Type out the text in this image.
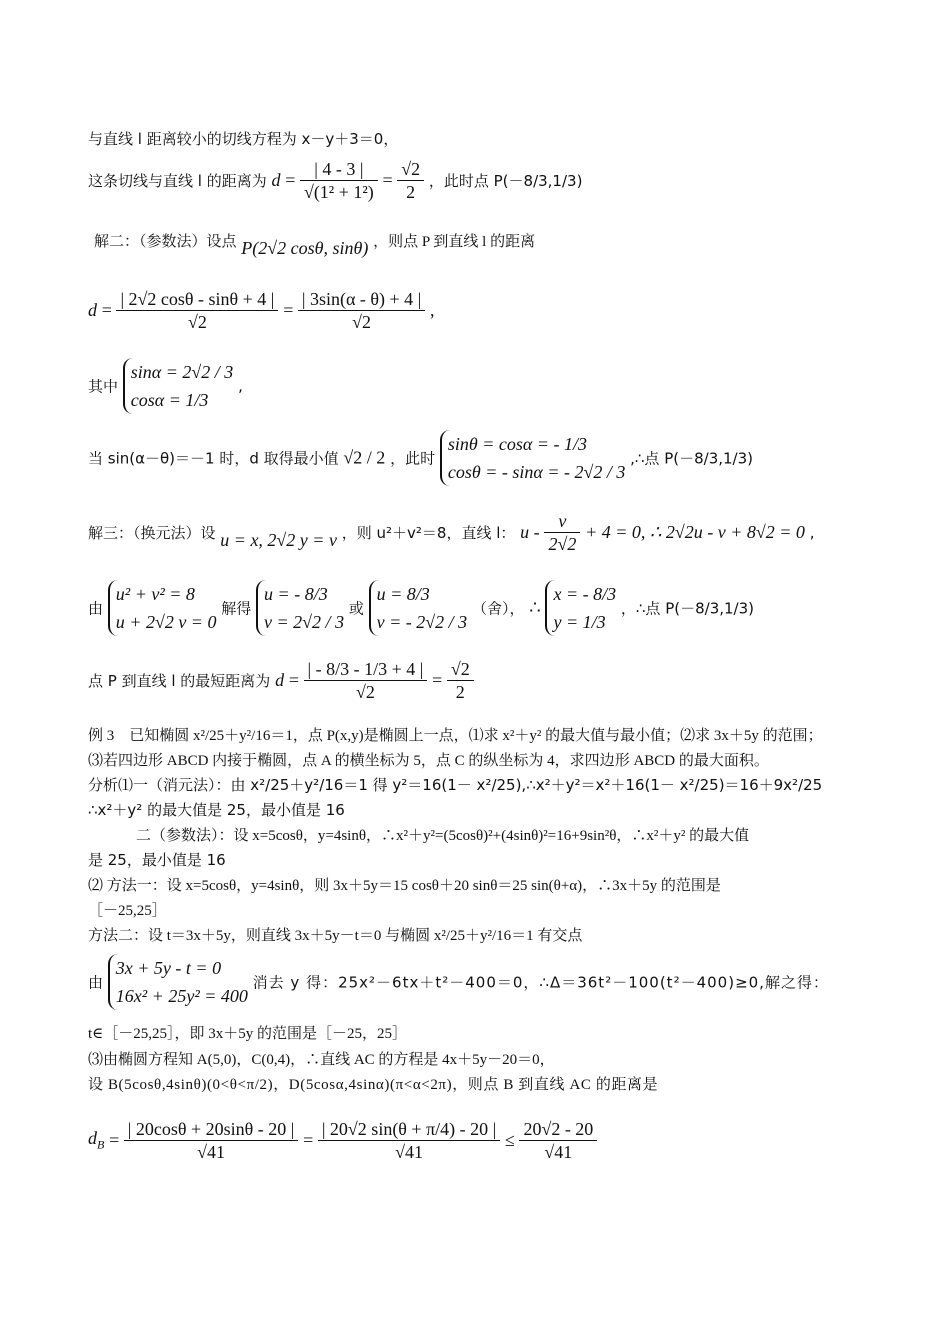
与直线 l 距离较小的切线方程为 x－y＋3＝0，
这条切线与直线 l 的距离为 $d = \frac{| 4 - 3 |}{\text{√(1² + 1²)}} = \frac{√2}{2}$ ，此时点 P(－8/3,1/3)
解二：（参数法）设点 P(2√2 cosθ, sinθ) ，则点 P 到直线 l 的距离
$d = \frac{| 2√2 \cos\theta - \sin\theta + 4 |}{√2} = \frac{| 3\sin(\alpha - \theta) + 4 |}{√2}$ ,
其中
sinα = 2√2 / 3
cosα = 1/3
,
当 sin(α－θ)＝－1 时，d 取得最小值 √2 / 2 ，此时
sinθ = cosα = - 1/3
cosθ = - sinα = - 2√2 / 3
,∴点 P(－8/3,1/3)
解三：（换元法）设 u = x, 2√2 y = v ，则 u²＋v²＝8，直线 l： $u - \frac{v}{2√2} + 4 = 0$, ∴ 2√2u - v + 8√2 = 0 ,
由
u² + v² = 8
u + 2√2 v = 0
解得
u = - 8/3
v = 2√2 / 3
或
u = 8/3
v = - 2√2 / 3
（舍）， ∴
x = - 8/3
y = 1/3
，∴点 P(－8/3,1/3)
点 P 到直线 l 的最短距离为 $d = \frac{| - 8/3 - 1/3 + 4 |}{√2} = \frac{√2}{2}$
例 3　已知椭圆 x²/25＋y²/16＝1，点 P(x,y)是椭圆上一点，⑴求 x²＋y² 的最大值与最小值；⑵求 3x＋5y 的范围；
⑶若四边形 ABCD 内接于椭圆，点 A 的横坐标为 5，点 C 的纵坐标为 4，求四边形 ABCD 的最大面积。
分析⑴一（消元法）：由 x²/25＋y²/16＝1 得 y²＝16(1－ x²/25),∴x²＋y²＝x²＋16(1－ x²/25)＝16＋9x²/25
∴x²＋y² 的最大值是 25，最小值是 16
二（参数法）：设 x=5cosθ，y=4sinθ，∴x²＋y²=(5cosθ)²+(4sinθ)²=16+9sin²θ，∴x²＋y² 的最大值
是 25，最小值是 16
⑵ 方法一：设 x=5cosθ，y=4sinθ，则 3x＋5y＝15 cosθ＋20 sinθ＝25 sin(θ+α)，∴3x＋5y 的范围是
［－25,25］
方法二：设 t＝3x＋5y，则直线 3x＋5y－t＝0 与椭圆 x²/25＋y²/16＝1 有交点
由
3x + 5y - t = 0
16x² + 25y² = 400
消去 y 得：25x²－6tx＋t²－400＝0，∴Δ＝36t²－100(t²－400)≥0,解之得：
t∈［－25,25］，即 3x＋5y 的范围是［－25，25］
⑶由椭圆方程知 A(5,0)，C(0,4)，∴直线 AC 的方程是 4x＋5y－20＝0，
设 B(5cosθ,4sinθ)(0<θ<π/2)，D(5cosα,4sinα)(π<α<2π)，则点 B 到直线 AC 的距离是
$d_B = \frac{| 20\cos\theta + 20\sin\theta - 20 |}{√41} = \frac{| 20√2 \sin(\theta + \pi/4) - 20 |}{√41} \le \frac{20√2 - 20}{√41}$
